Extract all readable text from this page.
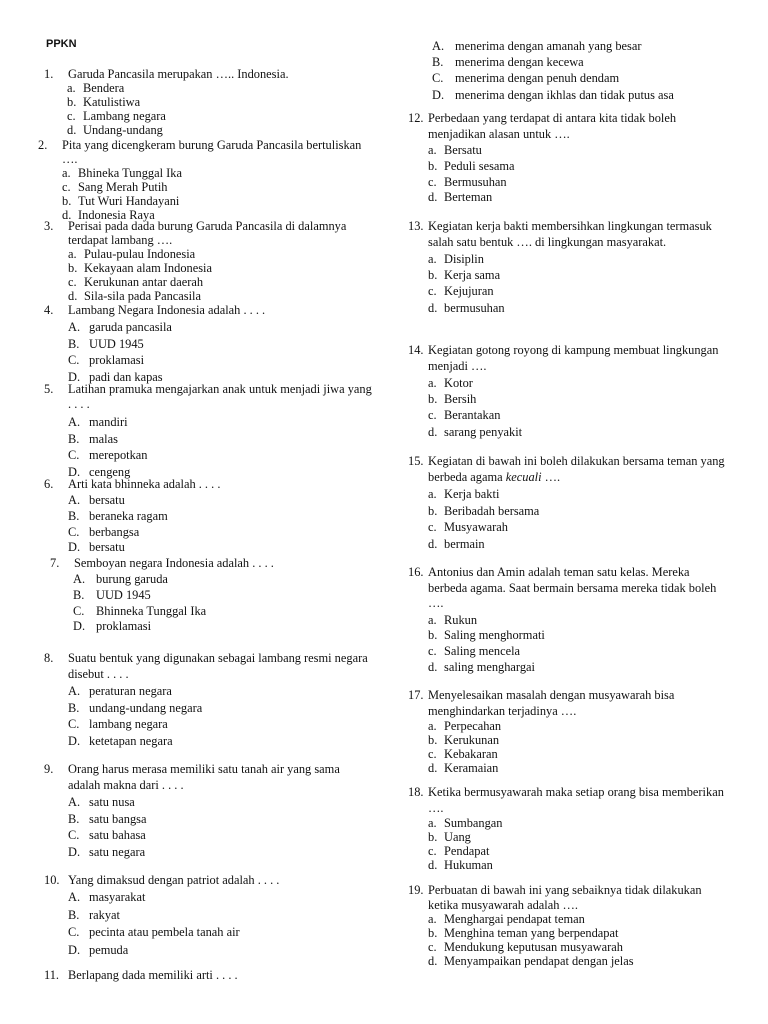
PPKN
1.	Garuda Pancasila merupakan ….. Indonesia.
a. Bendera
b. Katulistiwa
c. Lambang negara
d. Undang-undang
2.	Pita yang dicengkeram burung Garuda Pancasila bertuliskan ….
a. Bhineka Tunggal Ika
c. Sang Merah Putih
b. Tut Wuri Handayani
d. Indonesia Raya
3.	Perisai pada dada burung Garuda Pancasila di dalamnya terdapat lambang ….
a. Pulau-pulau Indonesia
b. Kekayaan alam Indonesia
c. Kerukunan antar daerah
d. Sila-sila pada Pancasila
4.	Lambang Negara Indonesia adalah . . . .
A. garuda pancasila
B. UUD 1945
C. proklamasi
D. padi dan kapas
5.	Latihan pramuka mengajarkan anak untuk menjadi jiwa yang . . . .
A. mandiri
B. malas
C. merepotkan
D. cengeng
6.	Arti kata bhinneka adalah . . . .
A. bersatu
B. beraneka ragam
C. berbangsa
D. bersatu
7.	Semboyan negara Indonesia adalah . . . .
A. burung garuda
B. UUD 1945
C. Bhinneka Tunggal Ika
D. proklamasi
8.	Suatu bentuk yang digunakan sebagai lambang resmi negara disebut . . . .
A. peraturan negara
B. undang-undang negara
C. lambang negara
D. ketetapan negara
9.	Orang harus merasa memiliki satu tanah air yang sama adalah makna dari . . . .
A. satu nusa
B. satu bangsa
C. satu bahasa
D. satu negara
10. Yang dimaksud dengan patriot adalah . . . .
A. masyarakat
B. rakyat
C. pecinta atau pembela tanah air
D. pemuda
11. Berlapang dada memiliki arti . . . .
A. menerima dengan amanah yang besar
B. menerima dengan kecewa
C. menerima dengan penuh dendam
D. menerima dengan ikhlas dan tidak putus asa
12. Perbedaan yang terdapat di antara kita tidak boleh menjadikan alasan untuk ….
a. Bersatu
b. Peduli sesama
c. Bermusuhan
d. Berteman
13. Kegiatan kerja bakti membersihkan lingkungan termasuk salah satu bentuk …. di lingkungan masyarakat.
a. Disiplin
b. Kerja sama
c. Kejujuran
d. bermusuhan
14. Kegiatan gotong royong di kampung membuat lingkungan menjadi ….
a. Kotor
b. Bersih
c. Berantakan
d. sarang penyakit
15. Kegiatan di bawah ini boleh dilakukan bersama teman yang berbeda agama kecuali ….
a. Kerja bakti
b. Beribadah bersama
c. Musyawarah
d. bermain
16. Antonius dan Amin adalah teman satu kelas. Mereka berbeda agama. Saat bermain bersama mereka tidak boleh ….
a. Rukun
b. Saling menghormati
c. Saling mencela
d. saling menghargai
17. Menyelesaikan masalah dengan musyawarah bisa menghindarkan terjadinya ….
a. Perpecahan
b. Kerukunan
c. Kebakaran
d. Keramaian
18. Ketika bermusyawarah maka setiap orang bisa memberikan ….
a. Sumbangan
b. Uang
c. Pendapat
d. Hukuman
19. Perbuatan di bawah ini yang sebaiknya tidak dilakukan ketika musyawarah adalah ….
a. Menghargai pendapat teman
b. Menghina teman yang berpendapat
c. Mendukung keputusan musyawarah
d. Menyampaikan pendapat dengan jelas
